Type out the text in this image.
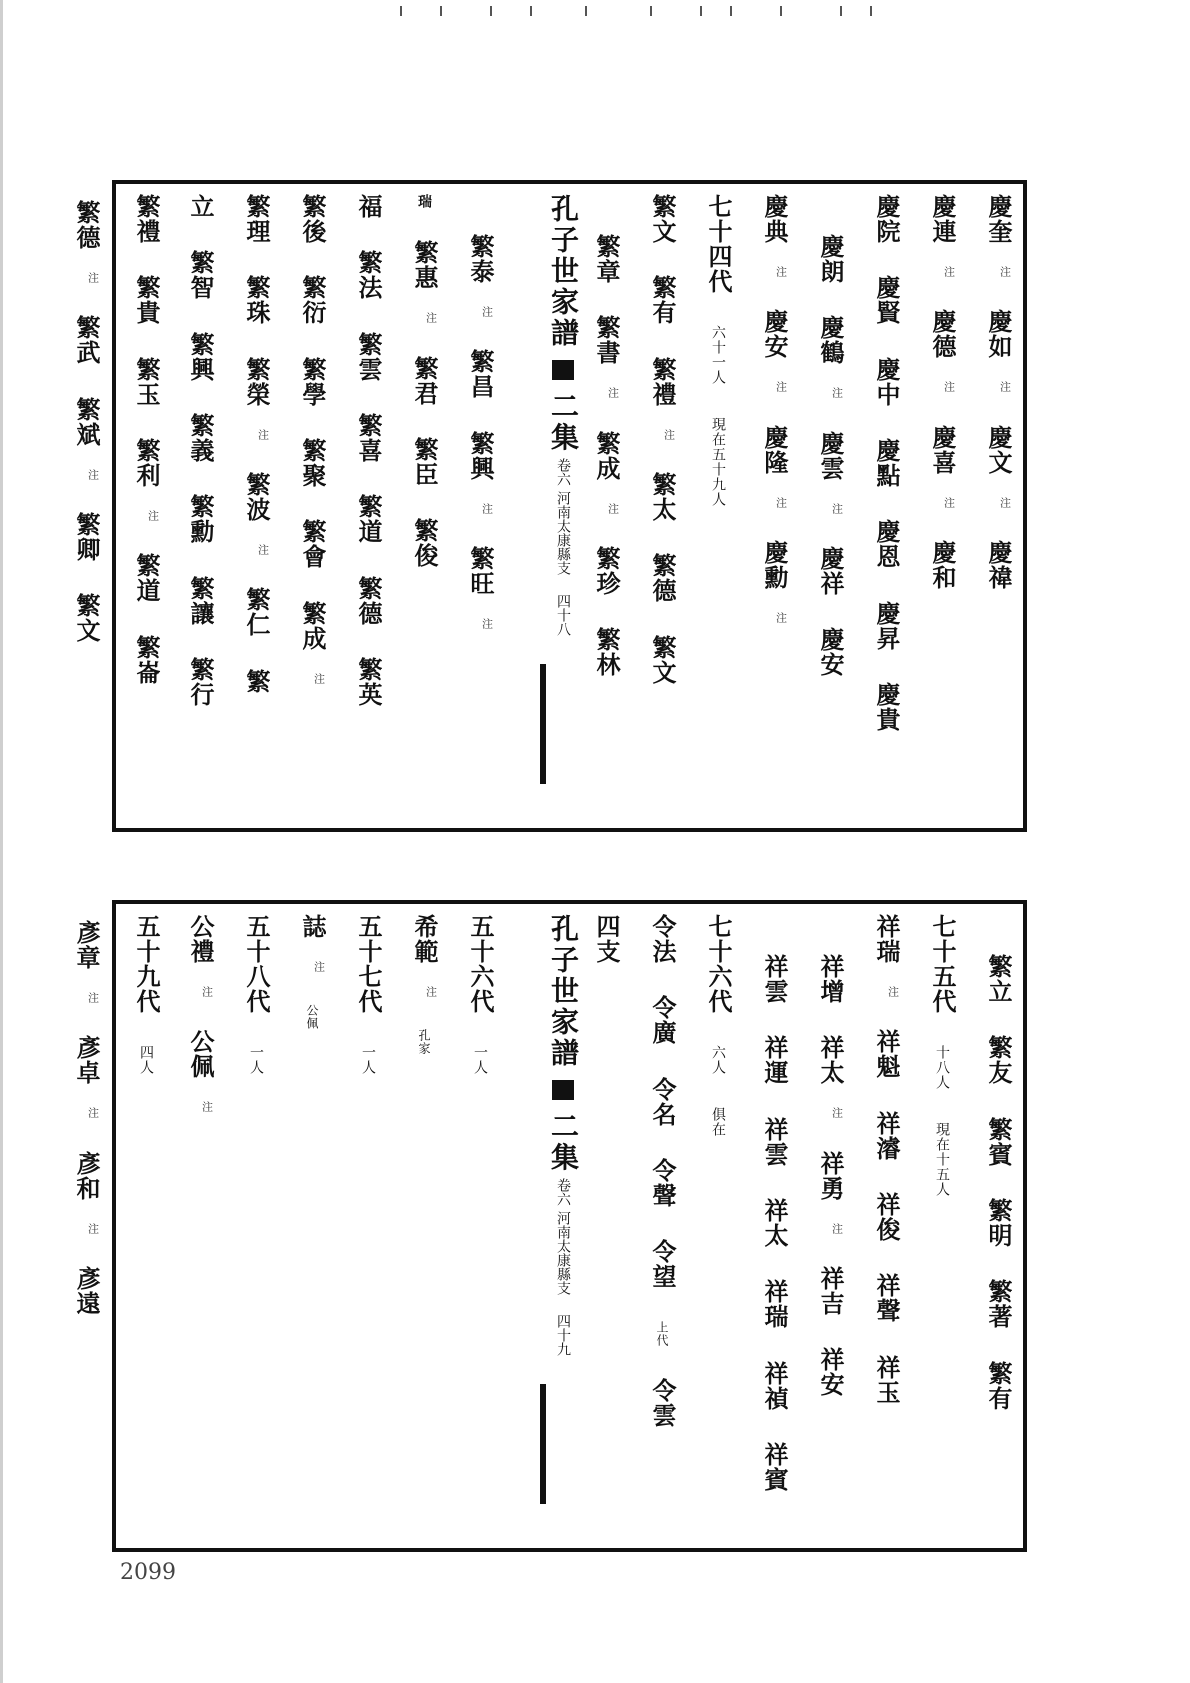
慶奎注 慶如注 慶文注 慶禕
慶連注 慶德注 慶喜注 慶和
慶院 慶賢 慶中 慶點 慶恩 慶昇 慶貴
慶朗 慶鶴注 慶雲注 慶祥 慶安
慶典注 慶安注 慶隆注 慶勳注
七十四代 六十一人 現在五十九人
繁文 繁有 繁禮注 繁太 繁德 繁文
繁章 繁書注 繁成注 繁珍 繁林
孔子世家譜  二集 卷六 河南太康縣支 四十八
繁泰注 繁昌 繁興注 繁旺注
瑞 繁惠注 繁君 繁臣 繁俊
福 繁法 繁雲 繁喜 繁道 繁德 繁英
繁後 繁衍 繁學 繁聚 繁會 繁成注
繁理 繁珠 繁榮注 繁波注 繁仁 繁
立 繁智 繁興 繁義 繁勳 繁讓 繁行
繁禮 繁貴 繁玉 繁利注 繁道 繁崙
繁德注 繁武 繁斌注 繁卿 繁文
繁立 繁友 繁賓 繁明 繁著 繁有
七十五代 十八人 現在十五人
祥瑞注 祥魁 祥濬 祥俊 祥聲 祥玉
祥增 祥太注 祥勇注 祥吉 祥安
祥雲 祥運 祥雲 祥太 祥瑞 祥禎 祥賓
七十六代 六人 俱在
令法 令廣 令名 令聲 令望 上代 令雲
四支
孔子世家譜  二集 卷六 河南太康縣支 四十九
五十六代 一人
希範注 孔家
五十七代 一人
誌注 公佩
五十八代 一人
公禮注 公佩注
五十九代 四人
彥章注 彥卓注 彥和注 彥遠
2099
